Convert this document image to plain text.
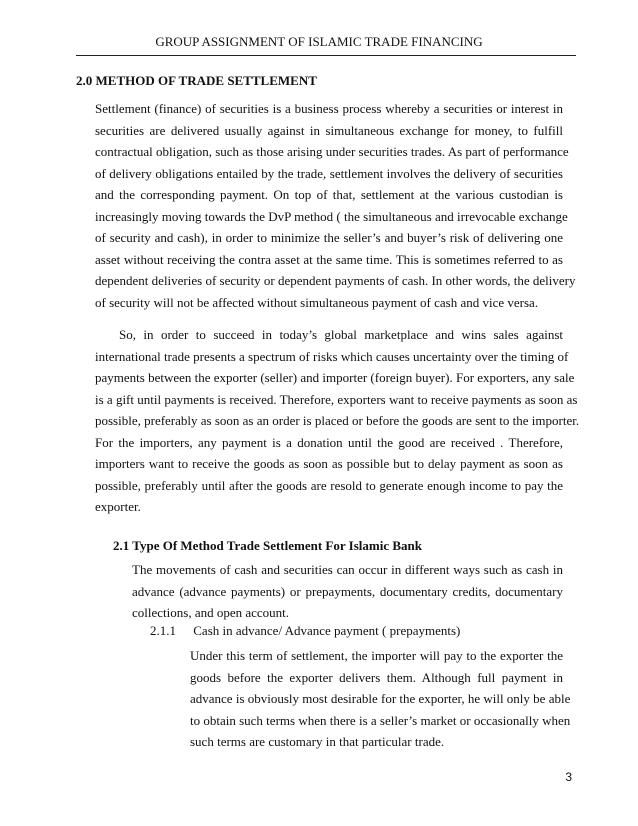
GROUP ASSIGNMENT OF ISLAMIC TRADE FINANCING
2.0 METHOD OF TRADE SETTLEMENT
Settlement (finance) of securities is a business process whereby a securities or interest in
securities are delivered usually against in simultaneous exchange for money, to fulfill
contractual obligation, such as those arising under securities trades. As part of performance
of delivery obligations entailed by the trade, settlement involves the delivery of securities
and the corresponding payment. On top of that, settlement at the various custodian is
increasingly moving towards the DvP method ( the simultaneous and irrevocable exchange
of security and cash), in order to minimize the seller’s and buyer’s risk of delivering one
asset without receiving the contra asset at the same time. This is sometimes referred to as
dependent deliveries of security or dependent payments of cash. In other words, the delivery
of security will not be affected without simultaneous payment of cash and vice versa.
So, in order to succeed in today’s global marketplace and wins sales against
international trade presents a spectrum of risks which causes uncertainty over the timing of
payments between the exporter (seller) and importer (foreign buyer). For exporters, any sale
is a gift until payments is received. Therefore, exporters want to receive payments as soon as
possible, preferably as soon as an order is placed or before the goods are sent to the importer.
For the importers, any payment is a donation until the good are received . Therefore,
importers want to receive the goods as soon as possible but to delay payment as soon as
possible, preferably until after the goods are resold to generate enough income to pay the
exporter.
2.1 Type Of Method Trade Settlement For Islamic Bank
The movements of cash and securities can occur in different ways such as cash in
advance (advance payments) or prepayments, documentary credits, documentary
collections, and open account.
2.1.1 Cash in advance/ Advance payment ( prepayments)
Under this term of settlement, the importer will pay to the exporter the
goods before the exporter delivers them. Although full payment in
advance is obviously most desirable for the exporter, he will only be able
to obtain such terms when there is a seller’s market or occasionally when
such terms are customary in that particular trade.
3
